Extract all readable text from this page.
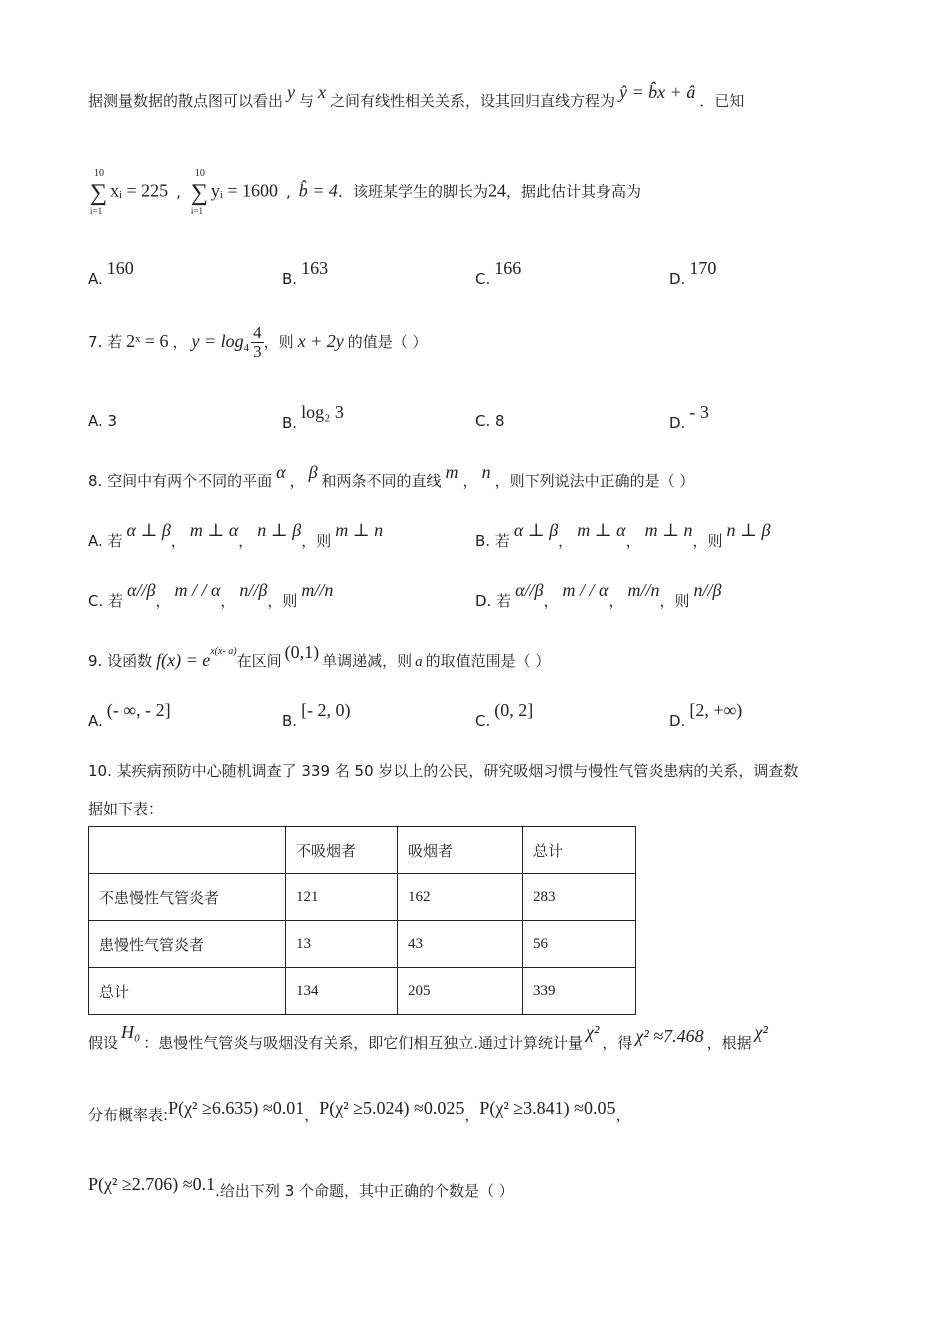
据测量数据的散点图可以看出 y 与 x 之间有线性相关关系，设其回归直线方程为 ŷ = b̂x + â ．已知
10
∑
i=1
xᵢ = 225 ,
10
∑
i=1
yᵢ = 1600 , b̂ = 4．该班某学生的脚长为24，据此估计其身高为
A.160
B.163
C.166
D.170
7. 若 2ˣ = 6 ， $y = \log_4 \frac{4}{3}$ ，则 x + 2y 的值是（ ）
A. 3	B.log₂ 3	C. 8	D.- 3
8. 空间中有两个不同的平面 α ， β 和两条不同的直线 m ， n ，则下列说法中正确的是（ ）
A. 若α ⊥ β，m ⊥ α，n ⊥ β，则m ⊥ n
B. 若α ⊥ β，m ⊥ α，m ⊥ n，则n ⊥ β
C. 若α//β，m / / α，n//β，则m//n
D. 若α//β，m / / α，m//n，则n//β
9. 设函数 $f(x) = e^{x(x- a)}$在区间 (0,1) 单调递减，则 a 的取值范围是（ ）
A.(- ∞, - 2]
B.[- 2, 0)
C.(0, 2]
D.[2, +∞)
10. 某疾病预防中心随机调查了 339 名 50 岁以上的公民，研究吸烟习惯与慢性气管炎患病的关系，调查数
据如下表：
	不吸烟者	吸烟者	总计
不患慢性气管炎者	121	162	283
患慢性气管炎者	13	43	56
总计	134	205	339
假设H₀：患慢性气管炎与吸烟没有关系，即它们相互独立.通过计算统计量χ²，得 χ² ≈7.468 ，根据χ²
分布概率表:P(χ² ≥6.635) ≈0.01，P(χ² ≥5.024) ≈0.025，P(χ² ≥3.841) ≈0.05，
P(χ² ≥2.706) ≈0.1.给出下列 3 个命题，其中正确的个数是（ ）
